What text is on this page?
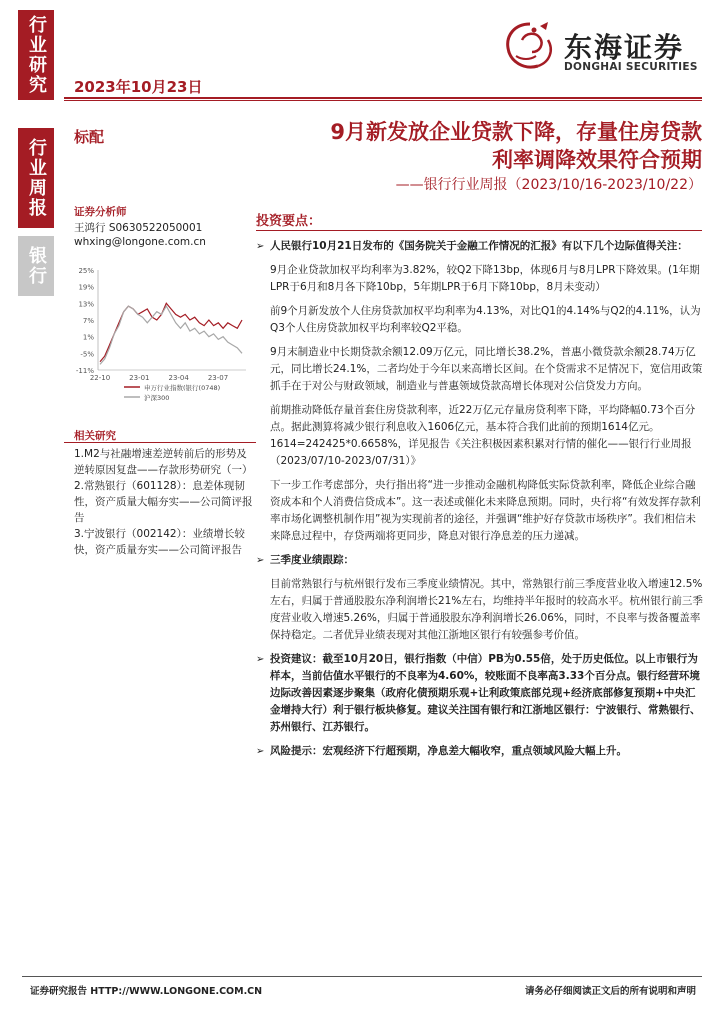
行业研究
行业周报
银行
2023年10月23日
东海证券
DONGHAI SECURITIES
标配	9月新发放企业贷款下降，存量住房贷款
利率调降效果符合预期
——银行行业周报（2023/10/16-2023/10/22）
证券分析师
王鸿行 S0630522050001
whxing@longone.com.cn
25%
19%
13%
7%
1%
-5%
-11%
22-10	23-01	23-04	23-07
申万行业指数(银行(0748)
沪深300
相关研究
1.M2与社融增速差逆转前后的形势及逆转原因复盘——存款形势研究（一）
2.常熟银行（601128）：息差体现韧性，资产质量大幅夯实——公司简评报告
3.宁波银行（002142）：业绩增长较快，资产质量夯实——公司简评报告
投资要点：
➢ 人民银行10月21日发布的《国务院关于金融工作情况的汇报》有以下几个边际值得关注：
9月企业贷款加权平均利率为3.82%，较Q2下降13bp，体现6月与8月LPR下降效果。(1年期LPR于6月和8月各下降10bp，5年期LPR于6月下降10bp，8月未变动）
前9个月新发放个人住房贷款加权平均利率为4.13%，对比Q1的4.14%与Q2的4.11%，认为Q3个人住房贷款加权平均利率较Q2平稳。
9月末制造业中长期贷款余额12.09万亿元，同比增长38.2%，普惠小微贷款余额28.74万亿元，同比增长24.1%，二者均处于今年以来高增长区间。在个贷需求不足情况下，宽信用政策抓手在于对公与财政领域，制造业与普惠领域贷款高增长体现对公信贷发力方向。
前期推动降低存量首套住房贷款利率，近22万亿元存量房贷利率下降，平均降幅0.73个百分点。据此测算将减少银行利息收入1606亿元，基本符合我们此前的预期1614亿元。1614=242425*0.6658%，详见报告《关注积极因素积累对行情的催化——银行行业周报（2023/07/10-2023/07/31）》
下一步工作考虑部分，央行指出将“进一步推动金融机构降低实际贷款利率，降低企业综合融资成本和个人消费信贷成本”。这一表述或催化未来降息预期。同时，央行将“有效发挥存款利率市场化调整机制作用”视为实现前者的途径，并强调“维护好存贷款市场秩序”。我们相信未来降息过程中，存贷两端将更同步，降息对银行净息差的压力递减。
➢ 三季度业绩跟踪：
目前常熟银行与杭州银行发布三季度业绩情况。其中，常熟银行前三季度营业收入增速12.5%左右，归属于普通股股东净利润增长21%左右，均维持半年报时的较高水平。杭州银行前三季度营业收入增速5.26%，归属于普通股股东净利润增长26.06%，同时，不良率与拨备覆盖率保持稳定。二者优异业绩表现对其他江浙地区银行有较强参考价值。
➢ 投资建议：截至10月20日，银行指数（中信）PB为0.55倍，处于历史低位。以上市银行为样本，当前估值水平银行的不良率为4.60%，较账面不良率高3.33个百分点。银行经营环境边际改善因素逐步聚集（政府化债预期乐观+让利政策底部兑现+经济底部修复预期+中央汇金增持大行）利于银行板块修复。建议关注国有银行和江浙地区银行：宁波银行、常熟银行、苏州银行、江苏银行。
➢ 风险提示：宏观经济下行超预期，净息差大幅收窄，重点领域风险大幅上升。
证券研究报告 HTTP://WWW.LONGONE.COM.CN	请务必仔细阅读正文后的所有说明和声明
